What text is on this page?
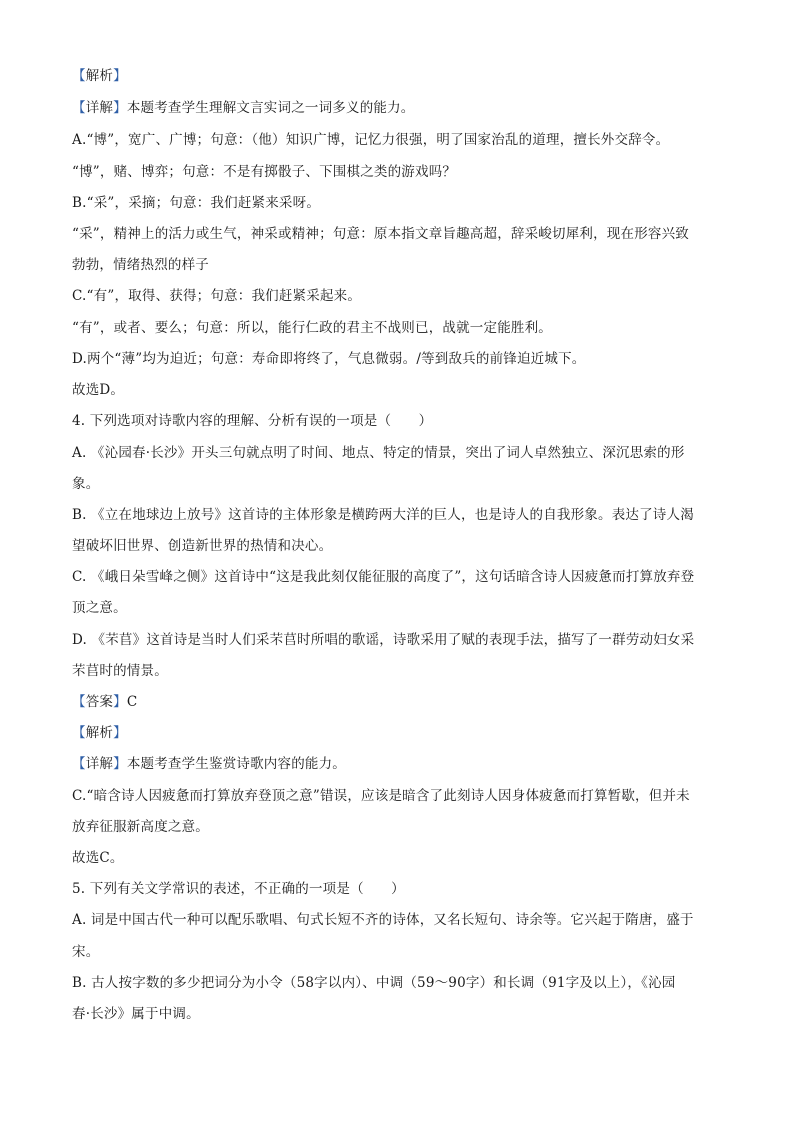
【解析】
【详解】本题考查学生理解文言实词之一词多义的能力。
A.“博”，宽广、广博；句意：（他）知识广博，记忆力很强，明了国家治乱的道理，擅长外交辞令。
“博”，赌、博弈；句意：不是有掷骰子、下围棋之类的游戏吗？
B.“采”，采摘；句意：我们赶紧来采呀。
“采”，精神上的活力或生气，神采或精神；句意：原本指文章旨趣高超，辞采峻切犀利，现在形容兴致
勃勃，情绪热烈的样子
C.“有”，取得、获得；句意：我们赶紧采起来。
“有”，或者、要么；句意：所以，能行仁政的君主不战则已，战就一定能胜利。
D.两个“薄”均为迫近；句意：寿命即将终了，气息微弱。/等到敌兵的前锋迫近城下。
故选D。
4. 下列选项对诗歌内容的理解、分析有误的一项是（　　）
A. 《沁园春·长沙》开头三句就点明了时间、地点、特定的情景，突出了词人卓然独立、深沉思索的形
象。
B. 《立在地球边上放号》这首诗的主体形象是横跨两大洋的巨人，也是诗人的自我形象。表达了诗人渴
望破坏旧世界、创造新世界的热情和决心。
C. 《峨日朵雪峰之侧》这首诗中“这是我此刻仅能征服的高度了”，这句话暗含诗人因疲惫而打算放弃登
顶之意。
D. 《芣苢》这首诗是当时人们采芣苢时所唱的歌谣，诗歌采用了赋的表现手法，描写了一群劳动妇女采
芣苢时的情景。
【答案】C
【解析】
【详解】本题考查学生鉴赏诗歌内容的能力。
C.“暗含诗人因疲惫而打算放弃登顶之意”错误，应该是暗含了此刻诗人因身体疲惫而打算暂歇，但并未
放弃征服新高度之意。
故选C。
5. 下列有关文学常识的表述，不正确的一项是（　　）
A. 词是中国古代一种可以配乐歌唱、句式长短不齐的诗体，又名长短句、诗余等。它兴起于隋唐，盛于
宋。
B. 古人按字数的多少把词分为小令（58字以内）、中调（59～90字）和长调（91字及以上），《沁园
春·长沙》属于中调。
